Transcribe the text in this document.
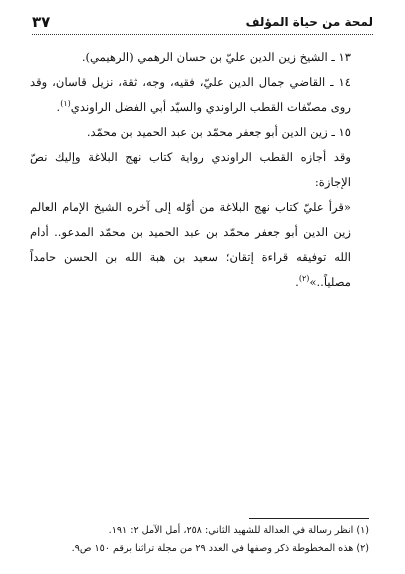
لمحة من حياة المؤلف
٣٧

١٣ ـ الشيخ زين الدين عليّ بن حسان الرهمي (الرهيمي).

١٤ ـ القاضي جمال الدين عليّ، فقيه، وجه، ثقة، نزيل قاسان، وقد روى مصنّفات القطب الراوندي والسيّد أبي الفضل الراوندي$^{(١)}$.

١٥ ـ زين الدين أبو جعفر محمّد بن عبد الحميد بن محمّد.

وقد أجازه القطب الراوندي رواية كتاب نهج البلاغة وإليك نصّ الإجازة:

«قرأ عليّ كتاب نهج البلاغة من أوّله إلى آخره الشيخ الإمام العالم زين الدين أبو جعفر محمّد بن عبد الحميد بن محمّد المدعو.. أدام الله توفيقه قراءة إتقان؛ سعيد بن هبة الله بن الحسن حامداً مصلياً..»$^{(٢)}$.

(١) انظر رسالة في العدالة للشهيد الثاني: ٢٥٨، أمل الآمل ٢: ١٩١.

(٢) هذه المخطوطة ذكر وصفها في العدد ٢٩ من مجلة تراثنا برقم ١٥٠ ص٩.
